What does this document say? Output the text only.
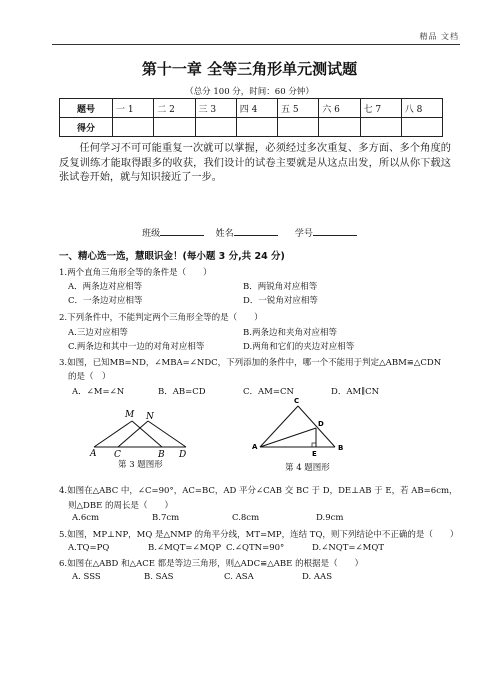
精品 文档
第十一章 全等三角形单元测试题
（总分 100 分，时间：60 分钟）
题号	一 1	二 2	三 3	四 4	五 5	六 6	七 7	八 8
得分								
任何学习不可可能重复一次就可以掌握，必须经过多次重复、多方面、多个角度的反复训练才能取得跟多的收获，我们设计的试卷主要就是从这点出发，所以从你下载这张试卷开始，就与知识接近了一步。
班级	姓名	学号
一、精心选一选，慧眼识金！(每小题 3 分,共 24 分)
1.两个直角三角形全等的条件是（　　）
A．两条边对应相等	B．两锐角对应相等
C．一条边对应相等	D．一锐角对应相等
2.下列条件中，不能判定两个三角形全等的是（　　）
A.三边对应相等	B.两条边和夹角对应相等
C.两条边和其中一边的对角对应相等	D.两角和它们的夹边对应相等
3.如图，已知MB=ND，∠MBA=∠NDC，下列添加的条件中，哪一个不能用于判定△ABM≌△CDN
的是（　）
A．∠M=∠N	B．AB=CD	C．AM=CN	D．AM∥CN
M N
A C	B D
第 3 题图形
C
D
A
E
B
第 4 题图形
4.如图在△ABC 中，∠C=90°，AC=BC，AD 平分∠CAB 交 BC 于 D，DE⊥AB 于 E，若 AB=6cm，
则△DBE 的周长是（　　）
A.6cm	B.7cm	C.8cm	D.9cm
5.如图，MP⊥NP，MQ 是△NMP 的角平分线，MT=MP，连结 TQ，则下列结论中不正确的是（　　）
A.TQ=PQ	B.∠MQT=∠MQP C.∠QTN=90°	D.∠NQT=∠MQT
6.如图在△ABD 和△ACE 都是等边三角形，则△ADC≌△ABE 的根据是（　　）
A. SSS	B. SAS	C. ASA	D. AAS
